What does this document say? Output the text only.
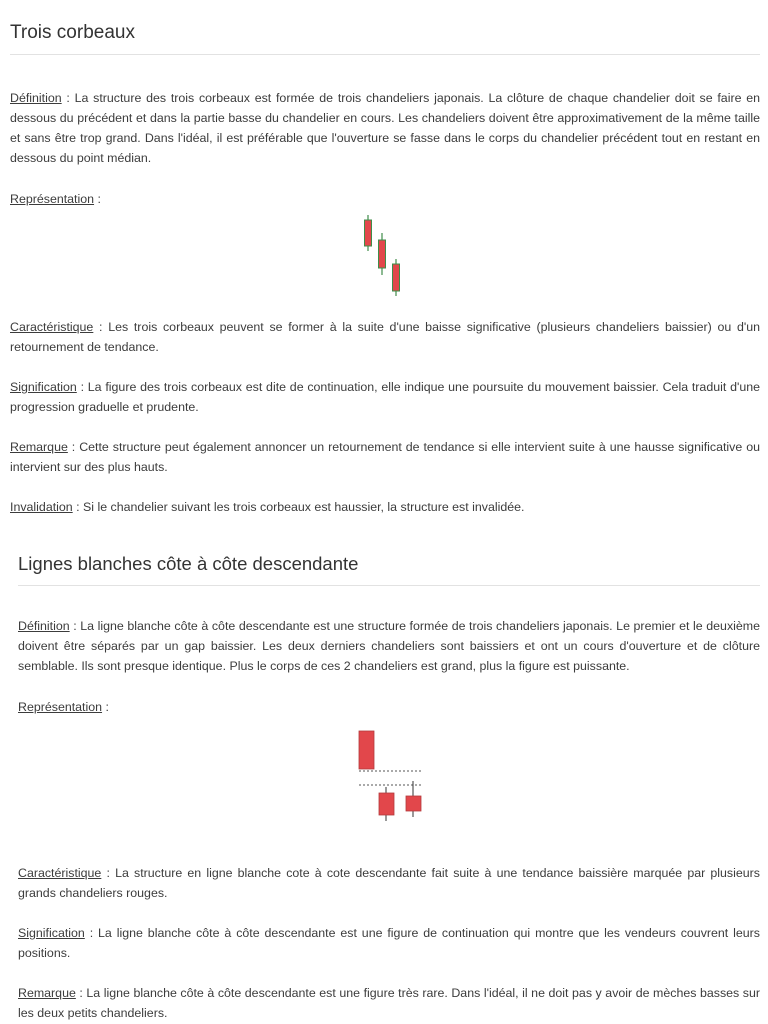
Trois corbeaux

Définition : La structure des trois corbeaux est formée de trois chandeliers japonais. La clôture de chaque chandelier doit se faire en dessous du précédent et dans la partie basse du chandelier en cours. Les chandeliers doivent être approximativement de la même taille et sans être trop grand. Dans l'idéal, il est préférable que l'ouverture se fasse dans le corps du chandelier précédent tout en restant en dessous du point médian.

Représentation :

Caractéristique : Les trois corbeaux peuvent se former à la suite d'une baisse significative (plusieurs chandeliers baissier) ou d'un retournement de tendance.

Signification : La figure des trois corbeaux est dite de continuation, elle indique une poursuite du mouvement baissier. Cela traduit d'une progression graduelle et prudente.

Remarque : Cette structure peut également annoncer un retournement de tendance si elle intervient suite à une hausse significative ou intervient sur des plus hauts.

Invalidation : Si le chandelier suivant les trois corbeaux est haussier, la structure est invalidée.

Lignes blanches côte à côte descendante

Définition : La ligne blanche côte à côte descendante est une structure formée de trois chandeliers japonais. Le premier et le deuxième doivent être séparés par un gap baissier. Les deux derniers chandeliers sont baissiers et ont un cours d'ouverture et de clôture semblable. Ils sont presque identique. Plus le corps de ces 2 chandeliers est grand, plus la figure est puissante.

Représentation :

Caractéristique : La structure en ligne blanche cote à cote descendante fait suite à une tendance baissière marquée par plusieurs grands chandeliers rouges.

Signification : La ligne blanche côte à côte descendante est une figure de continuation qui montre que les vendeurs couvrent leurs positions.

Remarque : La ligne blanche côte à côte descendante est une figure très rare. Dans l'idéal, il ne doit pas y avoir de mèches basses sur les deux petits chandeliers.
